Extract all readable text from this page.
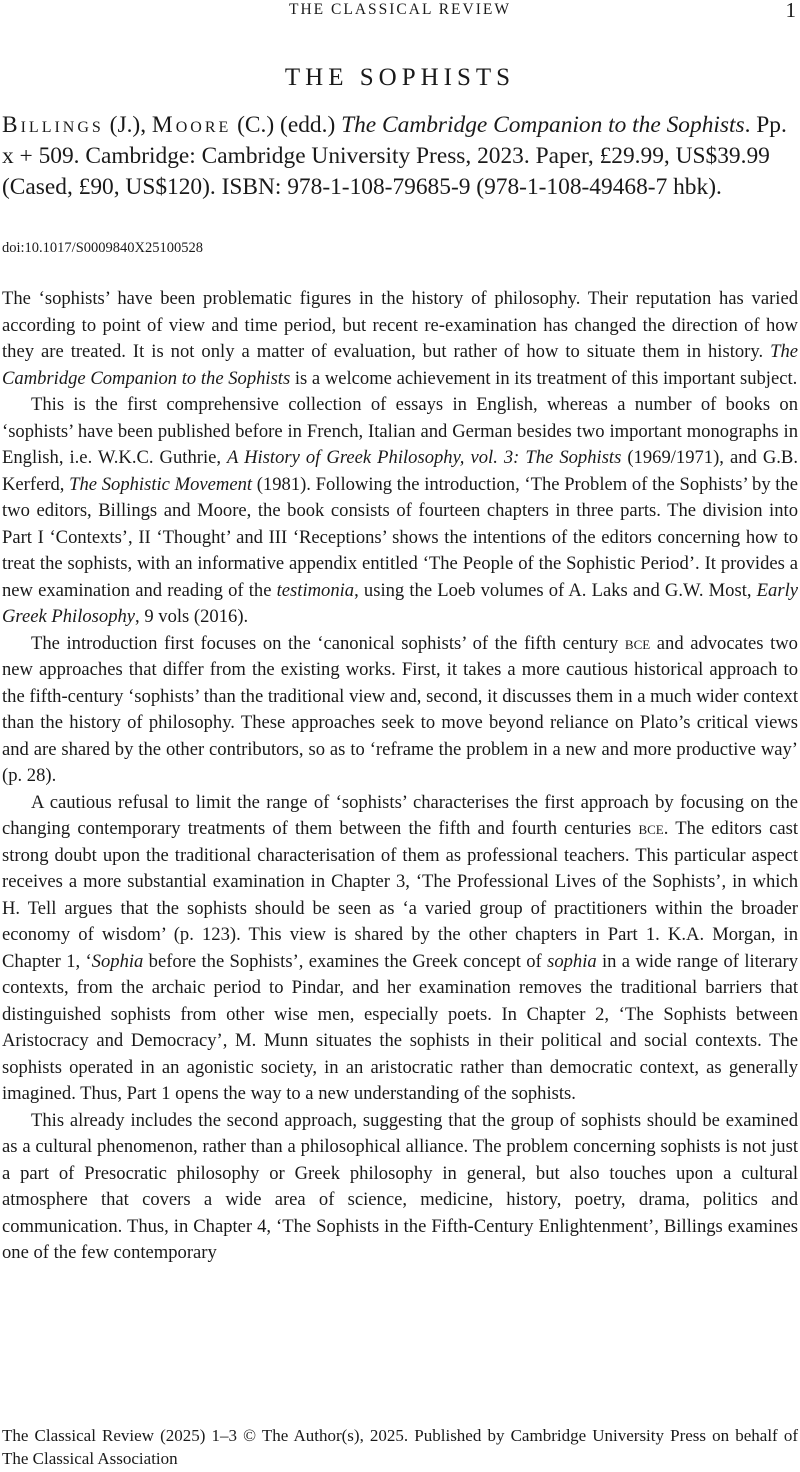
THE CLASSICAL REVIEW	1
THE SOPHISTS
Billings (J.), Moore (C.) (edd.) The Cambridge Companion to the Sophists. Pp. x + 509. Cambridge: Cambridge University Press, 2023. Paper, £29.99, US$39.99 (Cased, £90, US$120). ISBN: 978-1-108-79685-9 (978-1-108-49468-7 hbk).
doi:10.1017/S0009840X25100528

The ‘sophists’ have been problematic figures in the history of philosophy. Their reputation has varied according to point of view and time period, but recent re-examination has changed the direction of how they are treated. It is not only a matter of evaluation, but rather of how to situate them in history. The Cambridge Companion to the Sophists is a welcome achievement in its treatment of this important subject.

This is the first comprehensive collection of essays in English, whereas a number of books on ‘sophists’ have been published before in French, Italian and German besides two important monographs in English, i.e. W.K.C. Guthrie, A History of Greek Philosophy, vol. 3: The Sophists (1969/1971), and G.B. Kerferd, The Sophistic Movement (1981). Following the introduction, ‘The Problem of the Sophists’ by the two editors, Billings and Moore, the book consists of fourteen chapters in three parts. The division into Part I ‘Contexts’, II ‘Thought’ and III ‘Receptions’ shows the intentions of the editors concerning how to treat the sophists, with an informative appendix entitled ‘The People of the Sophistic Period’. It provides a new examination and reading of the testimonia, using the Loeb volumes of A. Laks and G.W. Most, Early Greek Philosophy, 9 vols (2016).

The introduction first focuses on the ‘canonical sophists’ of the fifth century bce and advocates two new approaches that differ from the existing works. First, it takes a more cautious historical approach to the fifth-century ‘sophists’ than the traditional view and, second, it discusses them in a much wider context than the history of philosophy. These approaches seek to move beyond reliance on Plato’s critical views and are shared by the other contributors, so as to ‘reframe the problem in a new and more productive way’ (p. 28).

A cautious refusal to limit the range of ‘sophists’ characterises the first approach by focusing on the changing contemporary treatments of them between the fifth and fourth centuries bce. The editors cast strong doubt upon the traditional characterisation of them as professional teachers. This particular aspect receives a more substantial examination in Chapter 3, ‘The Professional Lives of the Sophists’, in which H. Tell argues that the sophists should be seen as ‘a varied group of practitioners within the broader economy of wisdom’ (p. 123). This view is shared by the other chapters in Part 1. K.A. Morgan, in Chapter 1, ‘Sophia before the Sophists’, examines the Greek concept of sophia in a wide range of literary contexts, from the archaic period to Pindar, and her examination removes the traditional barriers that distinguished sophists from other wise men, especially poets. In Chapter 2, ‘The Sophists between Aristocracy and Democracy’, M. Munn situates the sophists in their political and social contexts. The sophists operated in an agonistic society, in an aristocratic rather than democratic context, as generally imagined. Thus, Part 1 opens the way to a new understanding of the sophists.

This already includes the second approach, suggesting that the group of sophists should be examined as a cultural phenomenon, rather than a philosophical alliance. The problem concerning sophists is not just a part of Presocratic philosophy or Greek philosophy in general, but also touches upon a cultural atmosphere that covers a wide area of science, medicine, history, poetry, drama, politics and communication. Thus, in Chapter 4, ‘The Sophists in the Fifth-Century Enlightenment’, Billings examines one of the few contemporary

The Classical Review (2025) 1–3 © The Author(s), 2025. Published by Cambridge University Press on behalf of The Classical Association
